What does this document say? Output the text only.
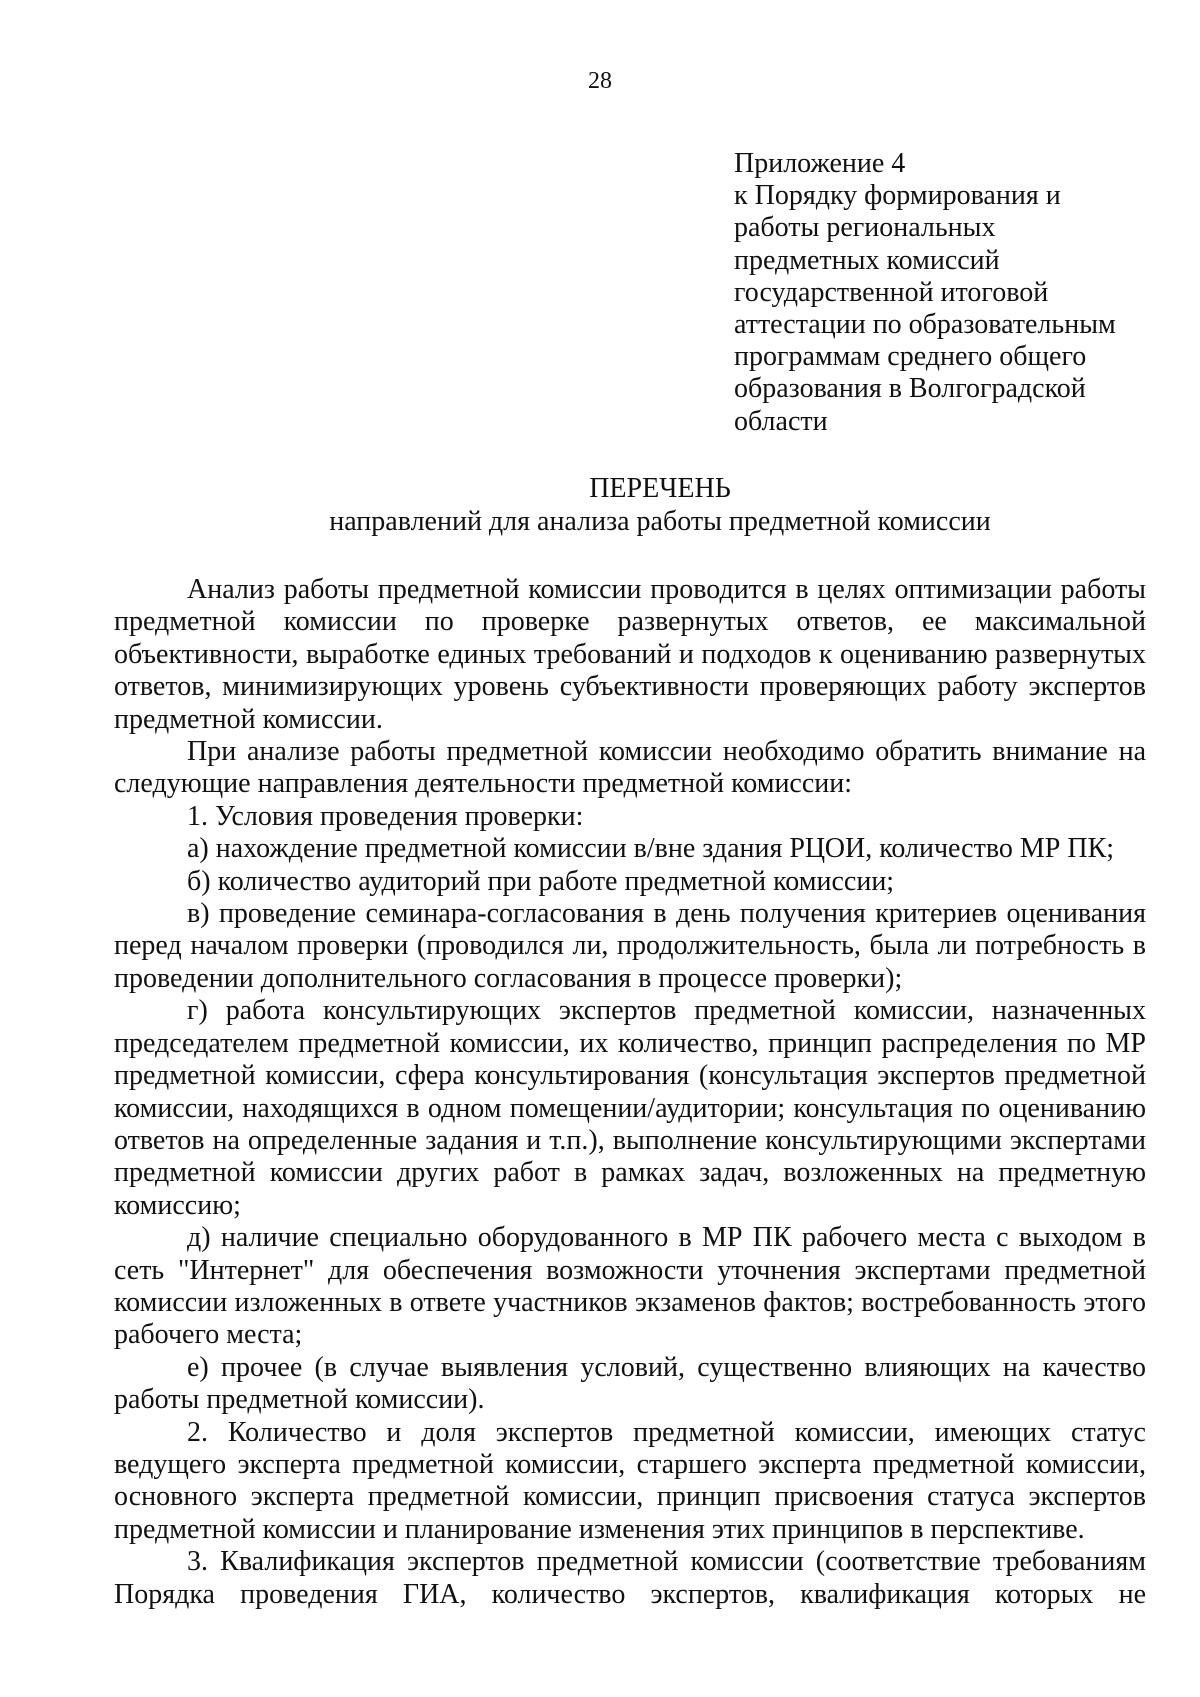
28
Приложение 4
к Порядку формирования и
работы региональных
предметных комиссий
государственной итоговой
аттестации по образовательным
программам среднего общего
образования в Волгоградской
области
ПЕРЕЧЕНЬ
направлений для анализа работы предметной комиссии

Анализ работы предметной комиссии проводится в целях оптимизации работы предметной комиссии по проверке развернутых ответов, ее максимальной объективности, выработке единых требований и подходов к оцениванию развернутых ответов, минимизирующих уровень субъективности проверяющих работу экспертов предметной комиссии.

При анализе работы предметной комиссии необходимо обратить внимание на следующие направления деятельности предметной комиссии:

1. Условия проведения проверки:

а) нахождение предметной комиссии в/вне здания РЦОИ, количество МР ПК;

б) количество аудиторий при работе предметной комиссии;

в) проведение семинара-согласования в день получения критериев оценивания перед началом проверки (проводился ли, продолжительность, была ли потребность в проведении дополнительного согласования в процессе проверки);

г) работа консультирующих экспертов предметной комиссии, назначенных председателем предметной комиссии, их количество, принцип распределения по МР предметной комиссии, сфера консультирования (консультация экспертов предметной комиссии, находящихся в одном помещении/аудитории; консультация по оцениванию ответов на определенные задания и т.п.), выполнение консультирующими экспертами предметной комиссии других работ в рамках задач, возложенных на предметную комиссию;

д) наличие специально оборудованного в МР ПК рабочего места с выходом в сеть "Интернет" для обеспечения возможности уточнения экспертами предметной комиссии изложенных в ответе участников экзаменов фактов; востребованность этого рабочего места;

е) прочее (в случае выявления условий, существенно влияющих на качество работы предметной комиссии).

2. Количество и доля экспертов предметной комиссии, имеющих статус ведущего эксперта предметной комиссии, старшего эксперта предметной комиссии, основного эксперта предметной комиссии, принцип присвоения статуса экспертов предметной комиссии и планирование изменения этих принципов в перспективе.

3. Квалификация экспертов предметной комиссии (соответствие требованиям Порядка проведения ГИА, количество экспертов, квалификация которых не
